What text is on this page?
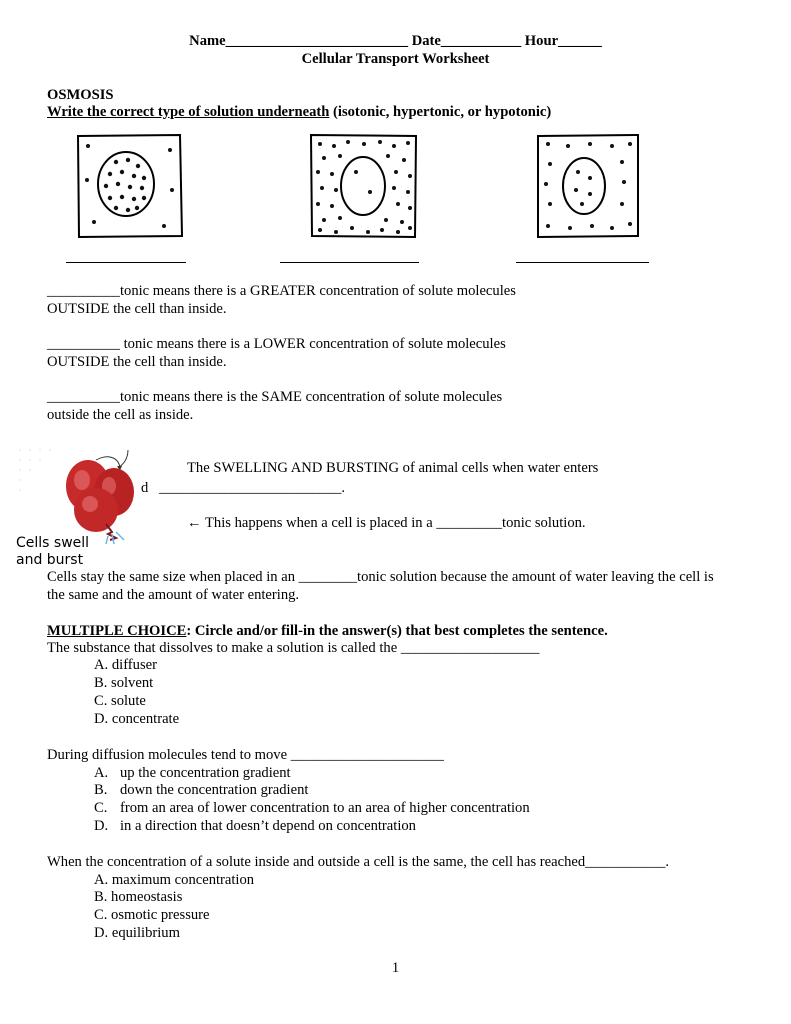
Name_________________________ Date___________ Hour______
Cellular Transport Worksheet
OSMOSIS
Write the correct type of solution underneath (isotonic, hypertonic, or hypotonic)
__________tonic means there is a GREATER concentration of solute molecules
OUTSIDE the cell than inside.
__________ tonic means there is a LOWER concentration of solute molecules
OUTSIDE the cell than inside.
__________tonic means there is the SAME concentration of solute molecules
outside the cell as inside.
Cells swell
and burst
The SWELLING AND BURSTING of animal cells when water enters
d _________________________.
← This happens when a cell is placed in a _________tonic solution.
Cells stay the same size when placed in an ________tonic solution because the amount of water leaving the cell is
the same and the amount of water entering.
MULTIPLE CHOICE: Circle and/or fill-in the answer(s) that best completes the sentence.
The substance that dissolves to make a solution is called the ___________________
A. diffuser
B. solvent
C. solute
D. concentrate
During diffusion molecules tend to move _____________________
A. up the concentration gradient
B. down the concentration gradient
C. from an area of lower concentration to an area of higher concentration
D. in a direction that doesn’t depend on concentration
When the concentration of a solute inside and outside a cell is the same, the cell has reached___________.
A. maximum concentration
B. homeostasis
C. osmotic pressure
D. equilibrium
1
